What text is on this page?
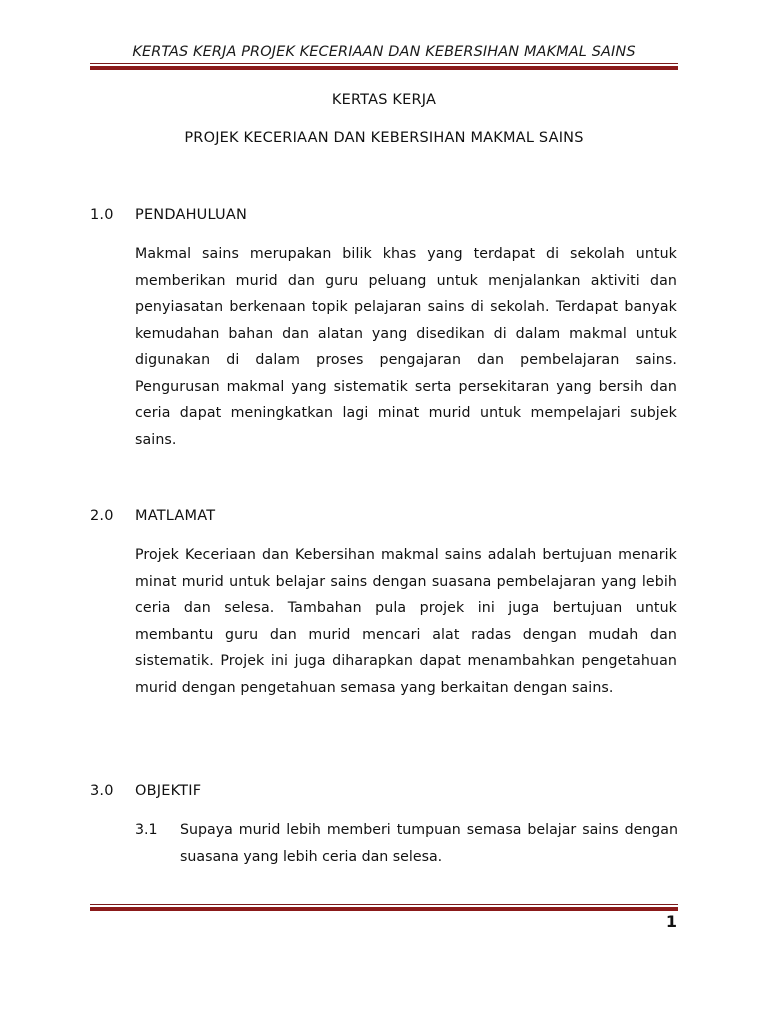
KERTAS KERJA PROJEK KECERIAAN DAN KEBERSIHAN MAKMAL SAINS
KERTAS KERJA
PROJEK KECERIAAN DAN KEBERSIHAN MAKMAL SAINS
1.0 PENDAHULUAN
Makmal sains merupakan bilik khas yang terdapat di sekolah untuk memberikan murid dan guru peluang untuk menjalankan aktiviti dan penyiasatan berkenaan topik pelajaran sains di sekolah. Terdapat banyak kemudahan bahan dan alatan yang disedikan di dalam makmal untuk digunakan di dalam proses pengajaran dan pembelajaran sains. Pengurusan makmal yang sistematik serta persekitaran yang bersih dan ceria dapat meningkatkan lagi minat murid untuk mempelajari subjek sains.
2.0 MATLAMAT
Projek Keceriaan dan Kebersihan makmal sains adalah bertujuan menarik minat murid untuk belajar sains dengan suasana pembelajaran yang lebih ceria dan selesa. Tambahan pula projek ini juga bertujuan untuk membantu guru dan murid mencari alat radas dengan mudah dan sistematik. Projek ini juga diharapkan dapat menambahkan pengetahuan murid dengan pengetahuan semasa yang berkaitan dengan sains.
3.0 OBJEKTIF
3.1 Supaya murid lebih memberi tumpuan semasa belajar sains dengan suasana yang lebih ceria dan selesa.
1
